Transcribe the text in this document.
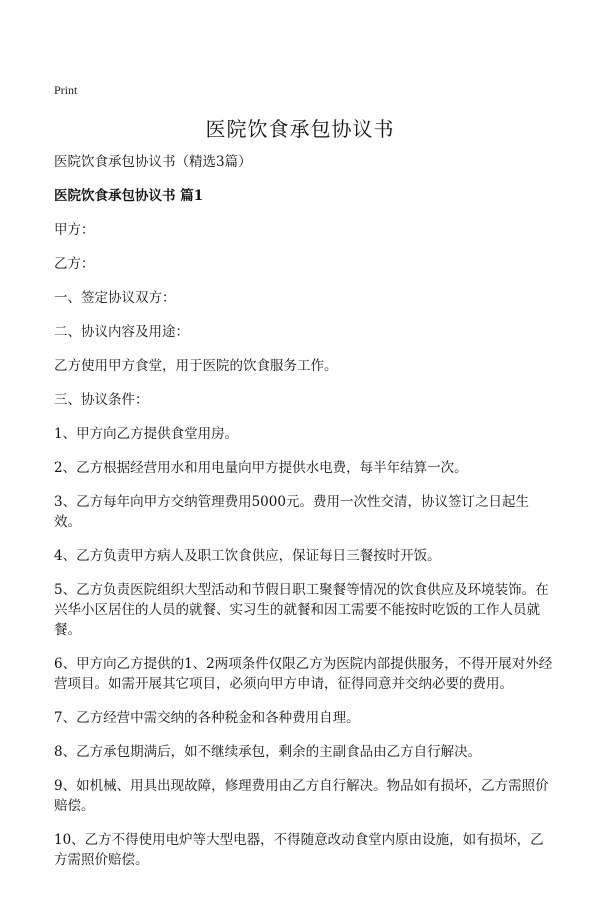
Print
医院饮食承包协议书

医院饮食承包协议书（精选3篇）

医院饮食承包协议书 篇1

甲方：

乙方：

一、签定协议双方：

二、协议内容及用途：

乙方使用甲方食堂，用于医院的饮食服务工作。

三、协议条件：

1、甲方向乙方提供食堂用房。

2、乙方根据经营用水和用电量向甲方提供水电费，每半年结算一次。

3、乙方每年向甲方交纳管理费用5000元。费用一次性交清，协议签订之日起生效。

4、乙方负责甲方病人及职工饮食供应，保证每日三餐按时开饭。

5、乙方负责医院组织大型活动和节假日职工聚餐等情况的饮食供应及环境装饰。在兴华小区居住的人员的就餐、实习生的就餐和因工需要不能按时吃饭的工作人员就餐。

6、甲方向乙方提供的1、2两项条件仅限乙方为医院内部提供服务，不得开展对外经营项目。如需开展其它项目，必须向甲方申请，征得同意并交纳必要的费用。

7、乙方经营中需交纳的各种税金和各种费用自理。

8、乙方承包期满后，如不继续承包，剩余的主副食品由乙方自行解决。

9、如机械、用具出现故障，修理费用由乙方自行解决。物品如有损坏，乙方需照价赔偿。

10、乙方不得使用电炉等大型电器，不得随意改动食堂内原由设施，如有损坏，乙方需照价赔偿。
